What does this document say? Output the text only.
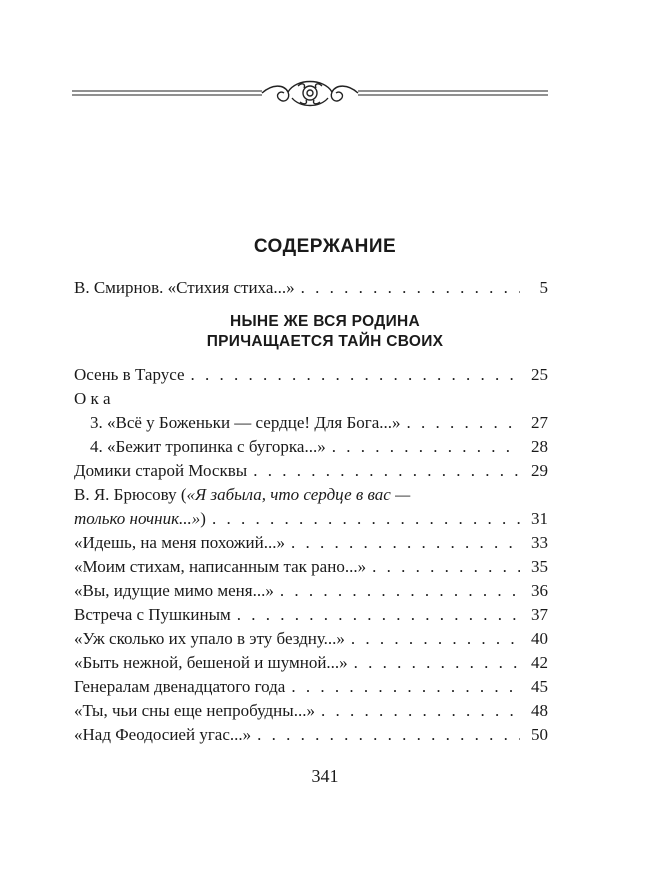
СОДЕРЖАНИЕ
В. Смирнов. «Стихия стиха...» . . .	5
НЫНЕ ЖЕ ВСЯ РОДИНА
ПРИЧАЩАЕТСЯ ТАЙН СВОИХ
Осень в Тарусе . . .	25
О к а
3. «Всё у Боженьки — сердце! Для Бога...» . . .	27
4. «Бежит тропинка с бугорка...» . . .	28
Домики старой Москвы . . .	29
В. Я. Брюсову («Я забыла, что сердце в вас —
только ночник...») . . .	31
«Идешь, на меня похожий...» . . .	33
«Моим стихам, написанным так рано...» . . .	35
«Вы, идущие мимо меня...» . . .	36
Встреча с Пушкиным . . .	37
«Уж сколько их упало в эту бездну...» . . .	40
«Быть нежной, бешеной и шумной...» . . .	42
Генералам двенадцатого года . . .	45
«Ты, чьи сны еще непробудны...» . . .	48
«Над Феодосией угас...» . . .	50
341
